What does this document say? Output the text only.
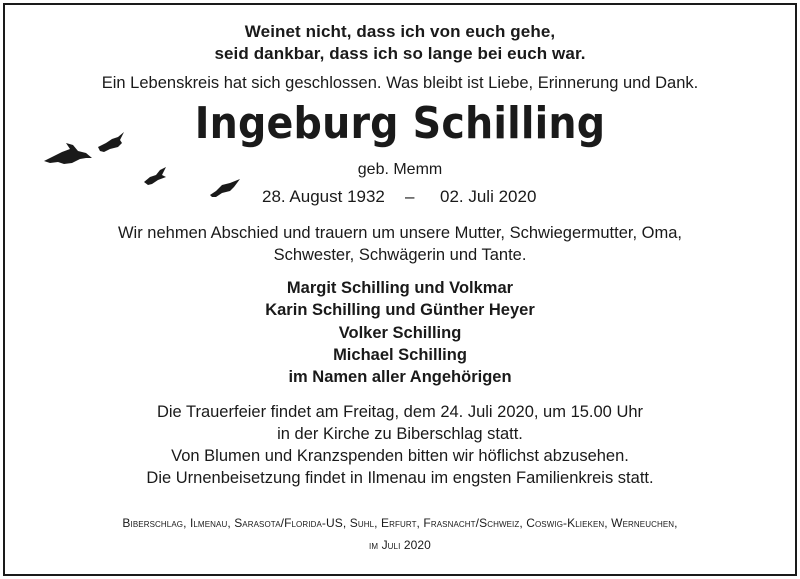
Weinet nicht, dass ich von euch gehe,
seid dankbar, dass ich so lange bei euch war.
Ein Lebenskreis hat sich geschlossen. Was bleibt ist Liebe, Erinnerung und Dank.
Ingeburg Schilling
geb. Memm
28. August 1932 – 02. Juli 2020
Wir nehmen Abschied und trauern um unsere Mutter, Schwiegermutter, Oma,
Schwester, Schwägerin und Tante.
Margit Schilling und Volkmar
Karin Schilling und Günther Heyer
Volker Schilling
Michael Schilling
im Namen aller Angehörigen
Die Trauerfeier findet am Freitag, dem 24. Juli 2020, um 15.00 Uhr
in der Kirche zu Biberschlag statt.
Von Blumen und Kranzspenden bitten wir höflichst abzusehen.
Die Urnenbeisetzung findet in Ilmenau im engsten Familienkreis statt.
Biberschlag, Ilmenau, Sarasota/Florida-US, Suhl, Erfurt, Frasnacht/Schweiz, Coswig-Klieken, Werneuchen,
im Juli 2020
